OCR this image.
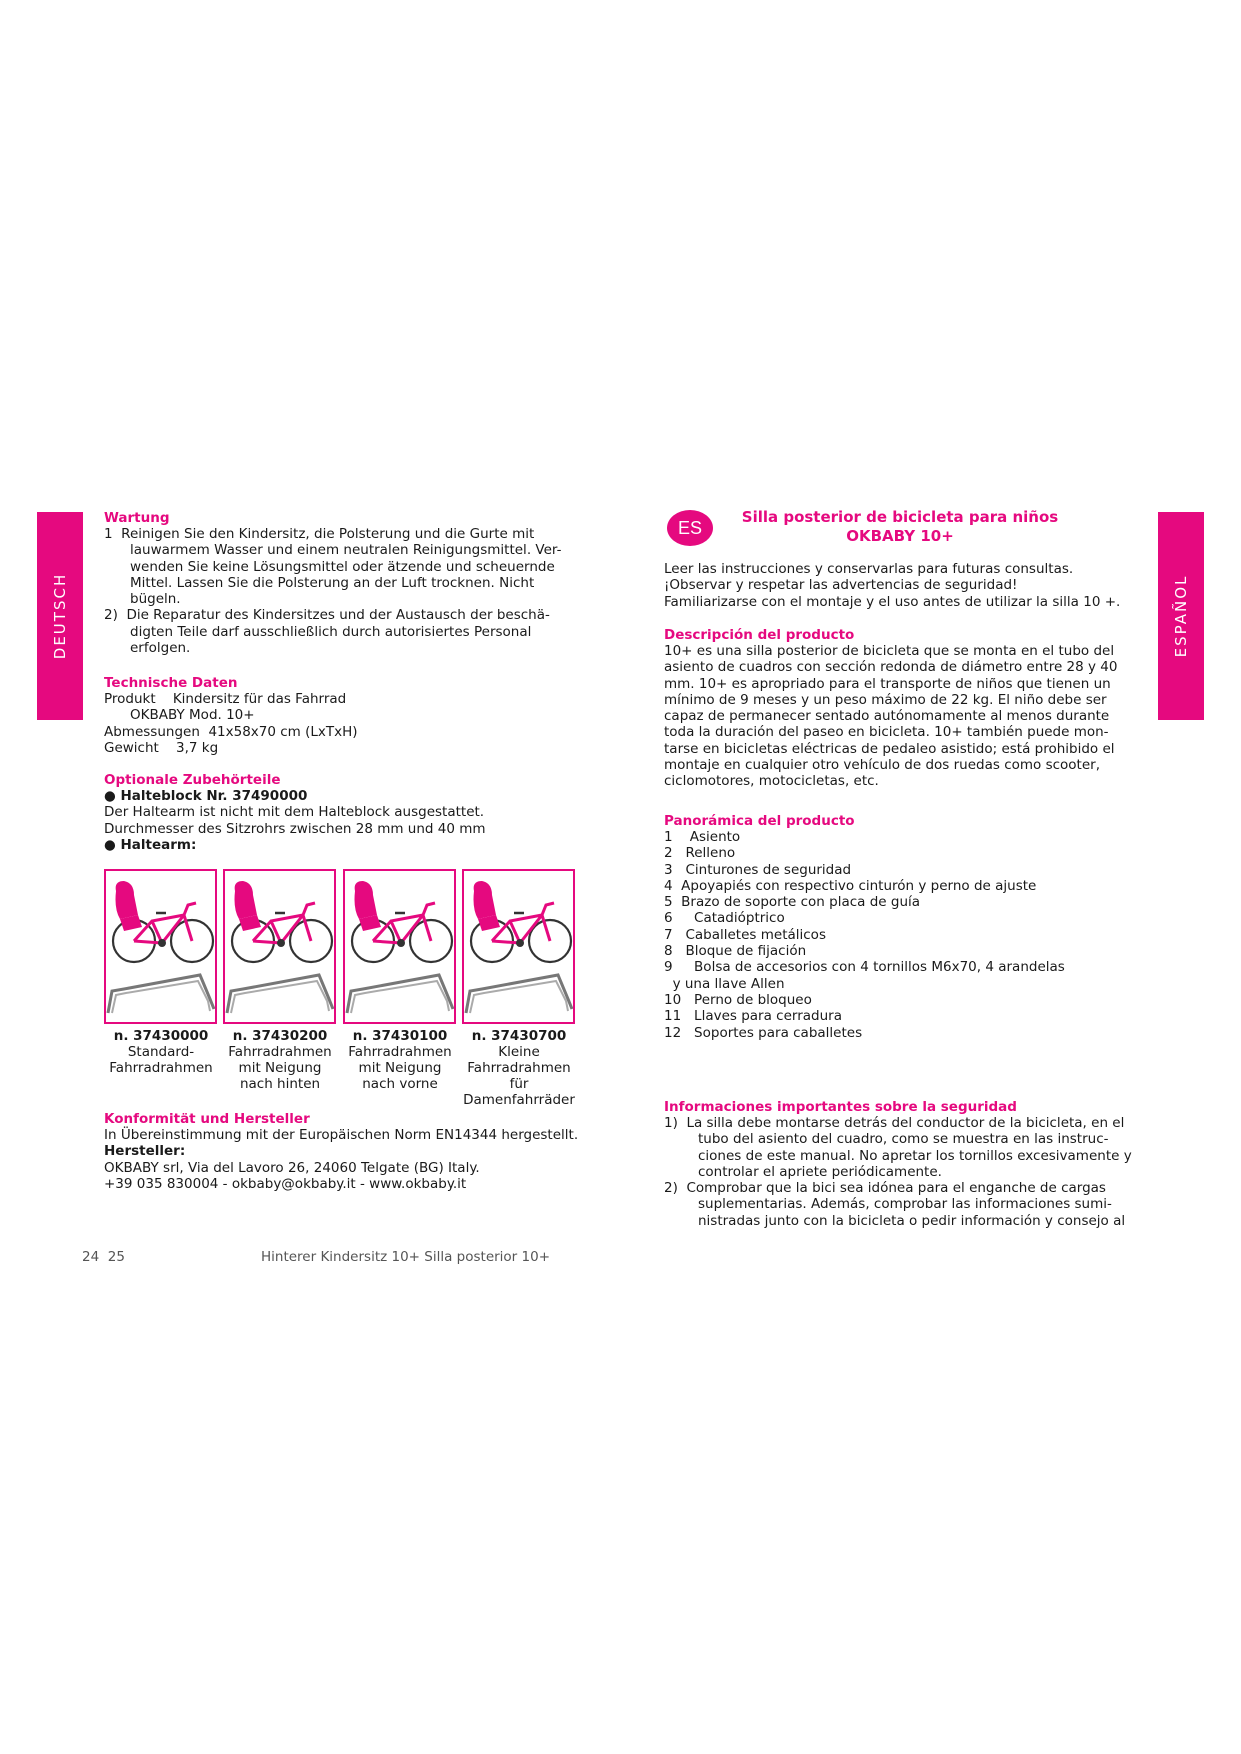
DEUTSCH	ESPAÑOL

Wartung

1  Reinigen Sie den Kindersitz, die Polsterung und die Gurte mit

lauwarmem Wasser und einem neutralen Reinigungsmittel. Ver-

wenden Sie keine Lösungsmittel oder ätzende und scheuernde

Mittel. Lassen Sie die Polsterung an der Luft trocknen. Nicht

bügeln.

2)  Die Reparatur des Kindersitzes und der Austausch der beschä-

digten Teile darf ausschließlich durch autorisiertes Personal

erfolgen.

Technische Daten

Produkt    Kindersitz für das Fahrrad

OKBABY Mod. 10+

Abmessungen  41x58x70 cm (LxTxH)

Gewicht    3,7 kg

Optionale Zubehörteile

● Halteblock Nr. 37490000

Der Haltearm ist nicht mit dem Halteblock ausgestattet.

Durchmesser des Sitzrohrs zwischen 28 mm und 40 mm

● Haltearm:

n. 37430000
Standard-
Fahrradrahmen
n. 37430200
Fahrradrahmen
mit Neigung
nach hinten
n. 37430100
Fahrradrahmen
mit Neigung
nach vorne
n. 37430700
Kleine
Fahrradrahmen für
Damenfahrräder

Konformität und Hersteller

In Übereinstimmung mit der Europäischen Norm EN14344 hergestellt.

Hersteller:

OKBABY srl, Via del Lavoro 26, 24060 Telgate (BG) Italy.

+39 035 830004 - okbaby@okbaby.it - www.okbaby.it

24  25	Hinterer Kindersitz 10+ Silla posterior 10+
ES

Silla posterior de bicicleta para niños

OKBABY 10+

Leer las instrucciones y conservarlas para futuras consultas.

¡Observar y respetar las advertencias de seguridad!

Familiarizarse con el montaje y el uso antes de utilizar la silla 10 +.

Descripción del producto

10+ es una silla posterior de bicicleta que se monta en el tubo del

asiento de cuadros con sección redonda de diámetro entre 28 y 40

mm. 10+ es apropriado para el transporte de niños que tienen un

mínimo de 9 meses y un peso máximo de 22 kg. El niño debe ser

capaz de permanecer sentado autónomamente al menos durante

toda la duración del paseo en bicicleta. 10+ también puede mon-

tarse en bicicletas eléctricas de pedaleo asistido; está prohibido el

montaje en cualquier otro vehículo de dos ruedas como scooter,

ciclomotores, motocicletas, etc.

Panorámica del producto

1    Asiento

2   Relleno

3   Cinturones de seguridad

4  Apoyapiés con respectivo cinturón y perno de ajuste

5  Brazo de soporte con placa de guía

6     Catadióptrico

7   Caballetes metálicos

8   Bloque de fijación

9     Bolsa de accesorios con 4 tornillos M6x70, 4 arandelas

y una llave Allen

10   Perno de bloqueo

11   Llaves para cerradura

12   Soportes para caballetes

Informaciones importantes sobre la seguridad

1)  La silla debe montarse detrás del conductor de la bicicleta, en el

tubo del asiento del cuadro, como se muestra en las instruc-

ciones de este manual. No apretar los tornillos excesivamente y

controlar el apriete periódicamente.

2)  Comprobar que la bici sea idónea para el enganche de cargas

suplementarias. Además, comprobar las informaciones sumi-

nistradas junto con la bicicleta o pedir información y consejo al
